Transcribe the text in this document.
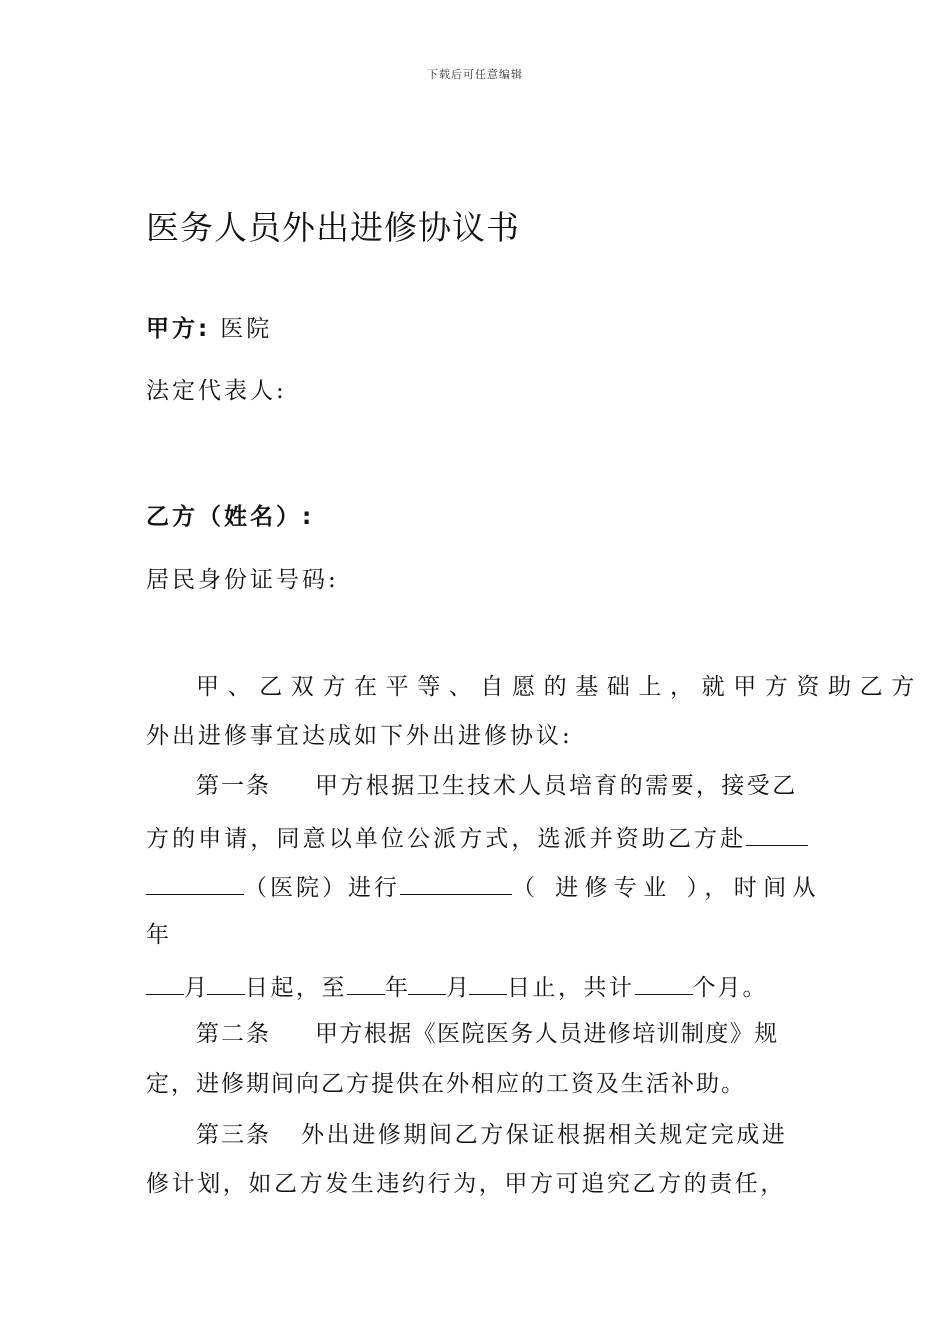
下载后可任意编辑
医务人员外出进修协议书
甲方: 医院
法定代表人:
乙方（姓名）:
居民身份证号码:
甲、乙双方在平等、自愿的基础上，就甲方资助乙方
外出进修事宜达成如下外出进修协议:
第一条 甲方根据卫生技术人员培育的需要，接受乙
方的申请，同意以单位公派方式，选派并资助乙方赴
（医院）进行	（ 进修专业 ），时间从
年
月 日起，至 年 月 日止，共计	个月。
第二条 甲方根据《医院医务人员进修培训制度》规
定，进修期间向乙方提供在外相应的工资及生活补助。
第三条 外出进修期间乙方保证根据相关规定完成进
修计划，如乙方发生违约行为，甲方可追究乙方的责任，
